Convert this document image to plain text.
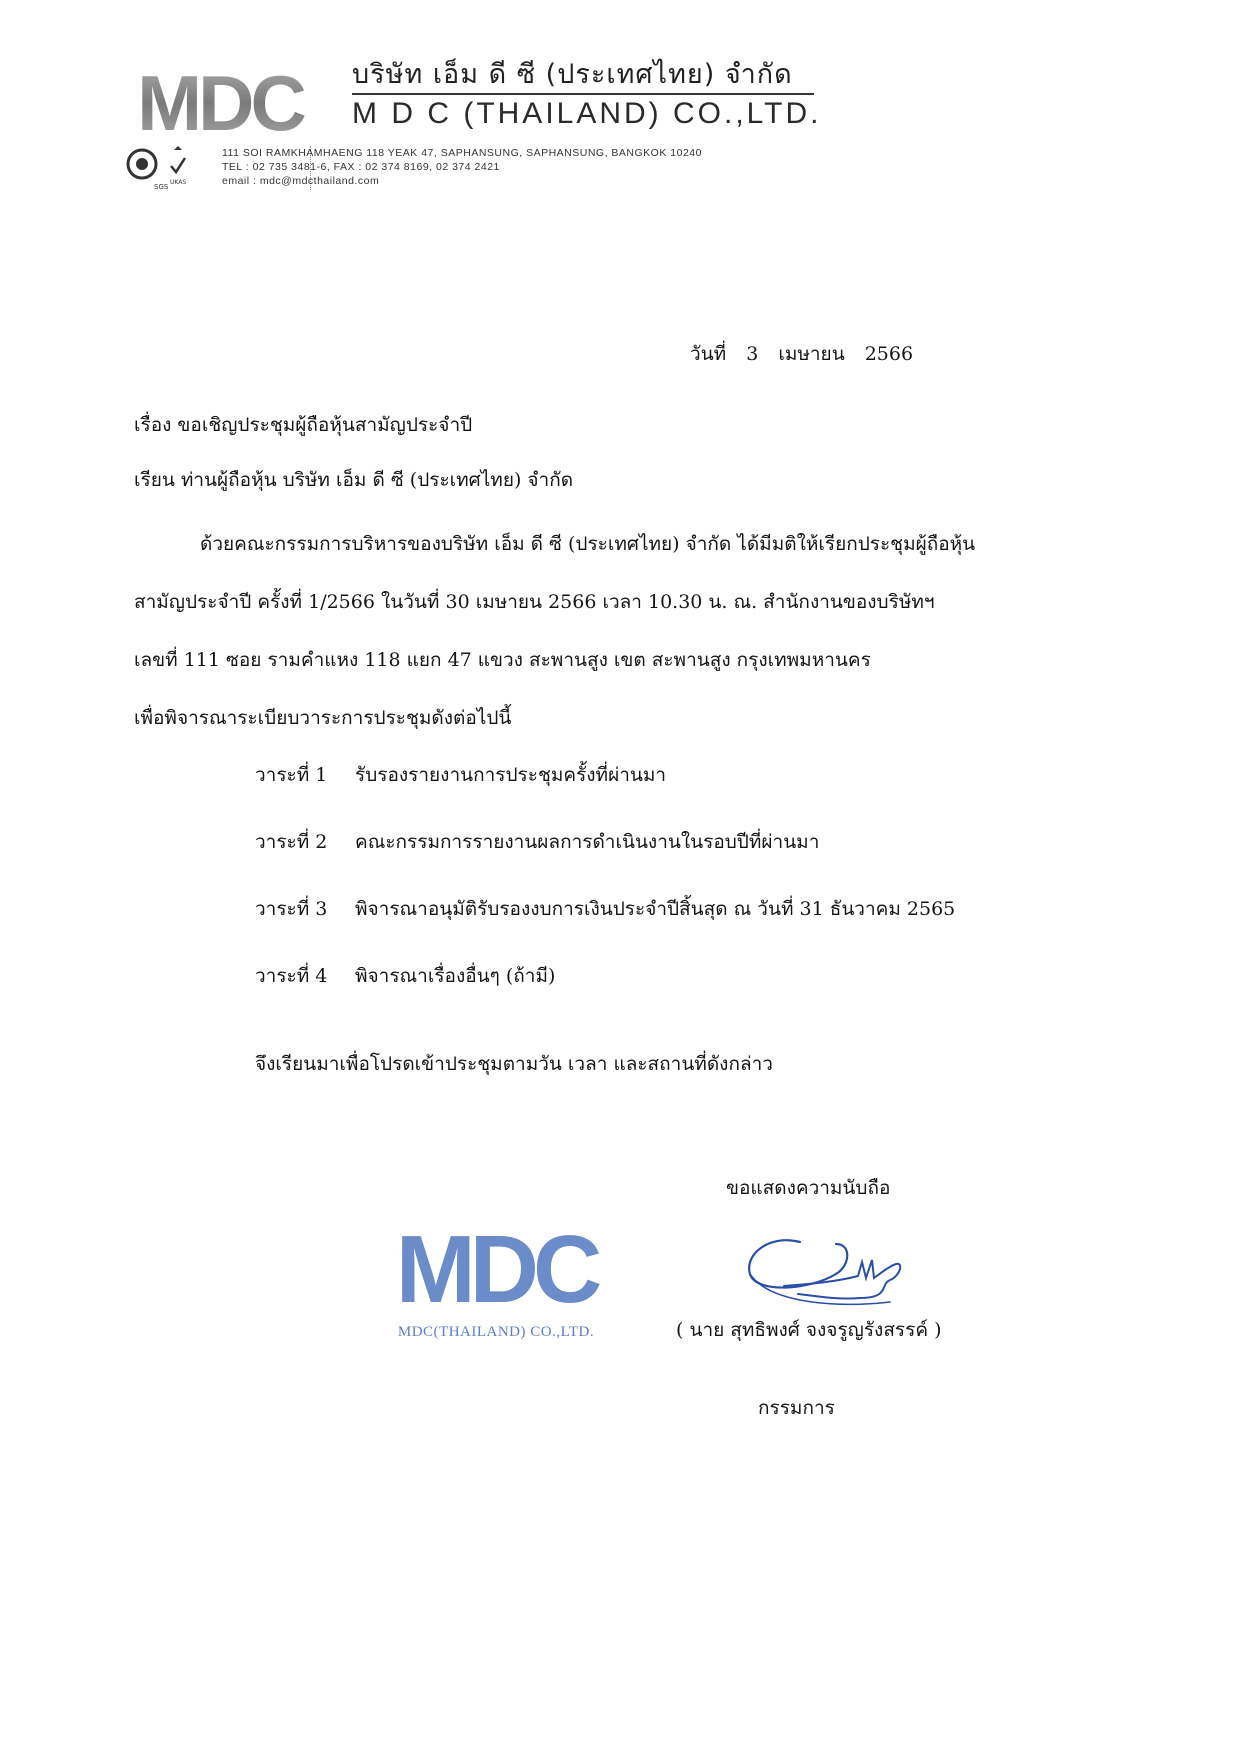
MDC บริษัท เอ็ม ดี ซี (ประเทศไทย) จำกัด
M D C (THAILAND) CO.,LTD.
SGS
UKAS
111 SOI RAMKHAMHAENG 118 YEAK 47, SAPHANSUNG, SAPHANSUNG, BANGKOK 10240
TEL : 02 735 3481-6, FAX : 02 374 8169, 02 374 2421
email : mdc@mdcthailand.com
วันที่ 3 เมษายน 2566
เรื่อง ขอเชิญประชุมผู้ถือหุ้นสามัญประจำปี
เรียน ท่านผู้ถือหุ้น บริษัท เอ็ม ดี ซี (ประเทศไทย) จำกัด
ด้วยคณะกรรมการบริหารของบริษัท เอ็ม ดี ซี (ประเทศไทย) จำกัด ได้มีมติให้เรียกประชุมผู้ถือหุ้น
สามัญประจำปี ครั้งที่ 1/2566 ในวันที่ 30 เมษายน 2566 เวลา 10.30 น. ณ. สำนักงานของบริษัทฯ
เลขที่ 111 ซอย รามคำแหง 118 แยก 47 แขวง สะพานสูง เขต สะพานสูง กรุงเทพมหานคร
เพื่อพิจารณาระเบียบวาระการประชุมดังต่อไปนี้
วาระที่ 1 รับรองรายงานการประชุมครั้งที่ผ่านมา
วาระที่ 2 คณะกรรมการรายงานผลการดำเนินงานในรอบปีที่ผ่านมา
วาระที่ 3 พิจารณาอนุมัติรับรองงบการเงินประจำปีสิ้นสุด ณ วันที่ 31 ธันวาคม 2565
วาระที่ 4 พิจารณาเรื่องอื่นๆ (ถ้ามี)
จึงเรียนมาเพื่อโปรดเข้าประชุมตามวัน เวลา และสถานที่ดังกล่าว
ขอแสดงความนับถือ
MDC
MDC(THAILAND) CO.,LTD.	( นาย สุทธิพงศ์ จงจรูญรังสรรค์ )
กรรมการ
